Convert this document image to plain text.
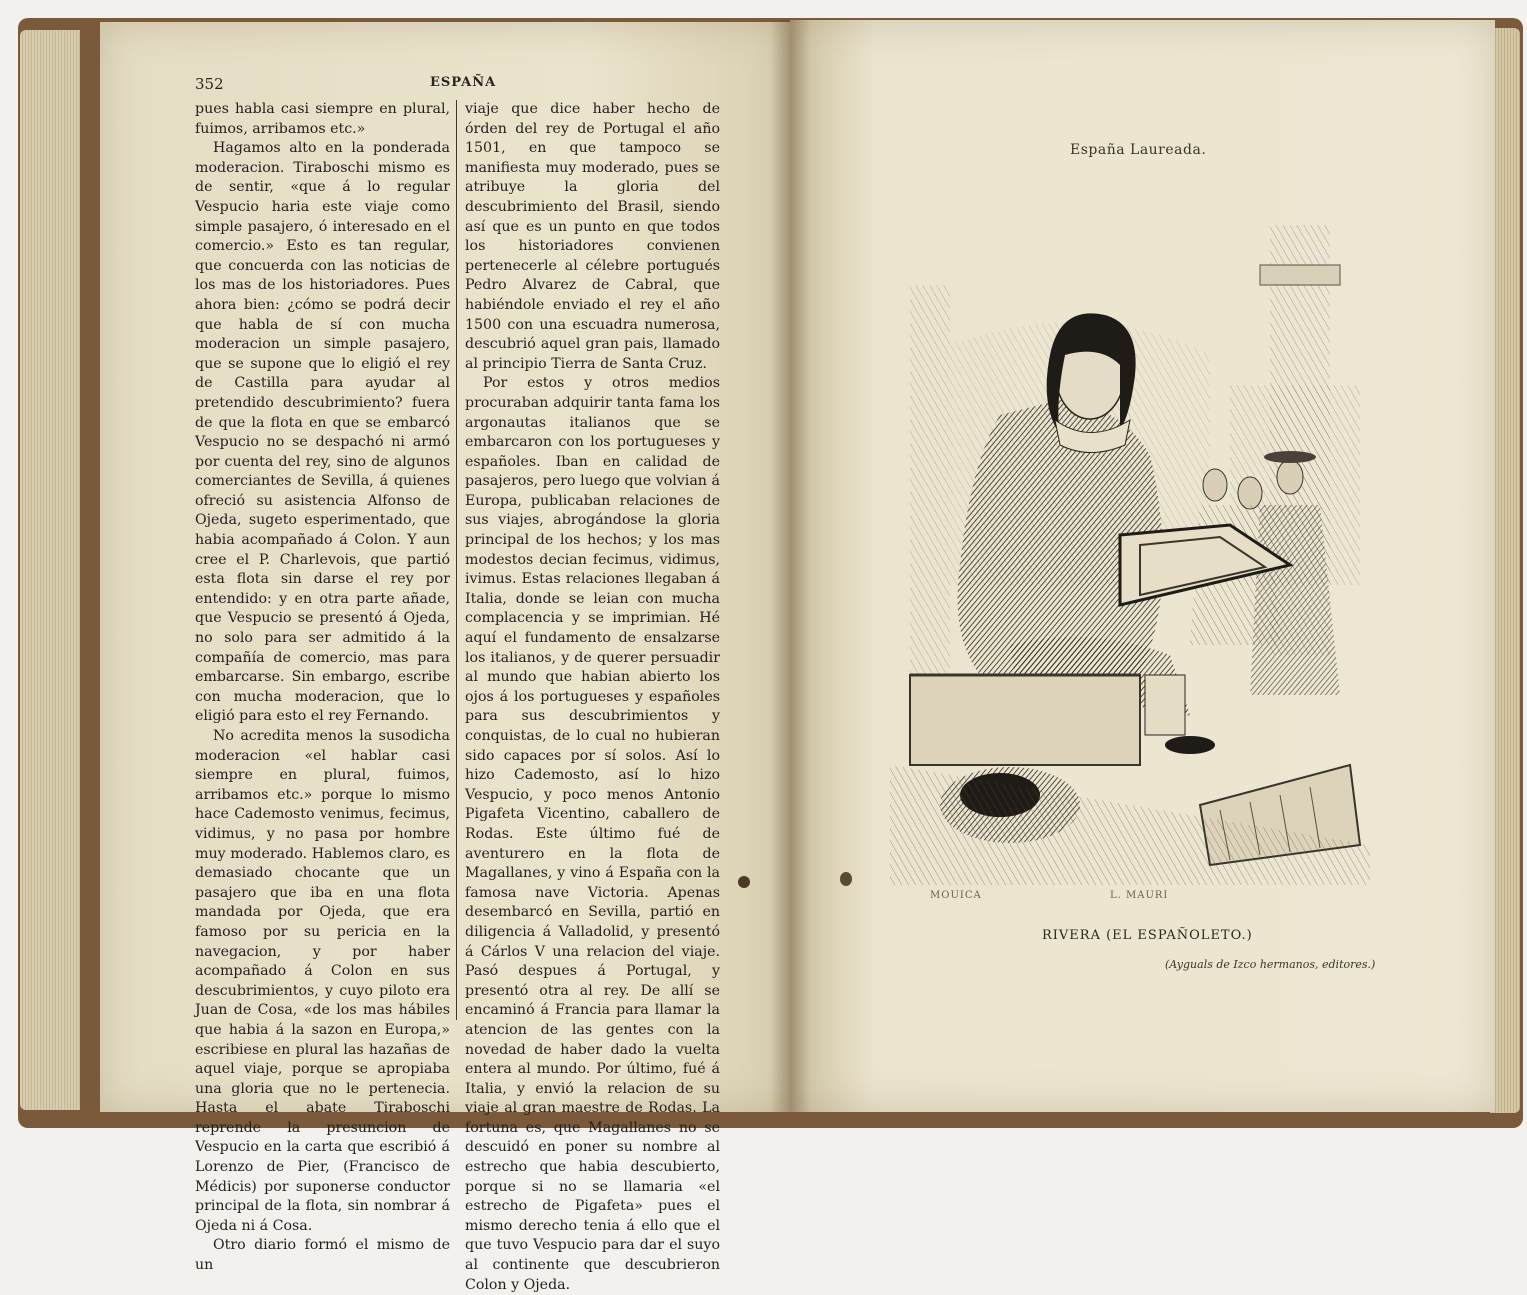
352	ESPAÑA

pues habla casi siempre en plural, fuimos, arribamos etc.»

Hagamos alto en la ponderada moderacion. Tiraboschi mismo es de sentir, «que á lo regular Vespucio haria este viaje como simple pasajero, ó interesado en el comercio.» Esto es tan regular, que concuerda con las noticias de los mas de los historiadores. Pues ahora bien: ¿cómo se podrá decir que habla de sí con mucha moderacion un simple pasajero, que se supone que lo eligió el rey de Castilla para ayudar al pretendido descubrimiento? fuera de que la flota en que se embarcó Vespucio no se despachó ni armó por cuenta del rey, sino de algunos comerciantes de Sevilla, á quienes ofreció su asistencia Alfonso de Ojeda, sugeto esperimentado, que habia acompañado á Colon. Y aun cree el P. Charlevois, que partió esta flota sin darse el rey por entendido: y en otra parte añade, que Vespucio se presentó á Ojeda, no solo para ser admitido á la compañía de comercio, mas para embarcarse. Sin embargo, escribe con mucha moderacion, que lo eligió para esto el rey Fernando.

No acredita menos la susodicha moderacion «el hablar casi siempre en plural, fuimos, arribamos etc.» porque lo mismo hace Cademosto venimus, fecimus, vidimus, y no pasa por hombre muy moderado. Hablemos claro, es demasiado chocante que un pasajero que iba en una flota mandada por Ojeda, que era famoso por su pericia en la navegacion, y por haber acompañado á Colon en sus descubrimientos, y cuyo piloto era Juan de Cosa, «de los mas hábiles que habia á la sazon en Europa,» escribiese en plural las hazañas de aquel viaje, porque se apropiaba una gloria que no le pertenecia. Hasta el abate Tiraboschi reprende la presuncion de Vespucio en la carta que escribió á Lorenzo de Pier, (Francisco de Médicis) por suponerse conductor principal de la flota, sin nombrar á Ojeda ni á Cosa.

Otro diario formó el mismo de un

viaje que dice haber hecho de órden del rey de Portugal el año 1501, en que tampoco se manifiesta muy moderado, pues se atribuye la gloria del descubrimiento del Brasil, siendo así que es un punto en que todos los historiadores convienen pertenecerle al célebre portugués Pedro Alvarez de Cabral, que habiéndole enviado el rey el año 1500 con una escuadra numerosa, descubrió aquel gran pais, llamado al principio Tierra de Santa Cruz.

Por estos y otros medios procuraban adquirir tanta fama los argonautas italianos que se embarcaron con los portugueses y españoles. Iban en calidad de pasajeros, pero luego que volvian á Europa, publicaban relaciones de sus viajes, abrogándose la gloria principal de los hechos; y los mas modestos decian fecimus, vidimus, ivimus. Estas relaciones llegaban á Italia, donde se leian con mucha complacencia y se imprimian. Hé aquí el fundamento de ensalzarse los italianos, y de querer persuadir al mundo que habian abierto los ojos á los portugueses y españoles para sus descubrimientos y conquistas, de lo cual no hubieran sido capaces por sí solos. Así lo hizo Cademosto, así lo hizo Vespucio, y poco menos Antonio Pigafeta Vicentino, caballero de Rodas. Este último fué de aventurero en la flota de Magallanes, y vino á España con la famosa nave Victoria. Apenas desembarcó en Sevilla, partió en diligencia á Valladolid, y presentó á Cárlos V una relacion del viaje. Pasó despues á Portugal, y presentó otra al rey. De allí se encaminó á Francia para llamar la atencion de las gentes con la novedad de haber dado la vuelta entera al mundo. Por último, fué á Italia, y envió la relacion de su viaje al gran maestre de Rodas. La fortuna es, que Magallanes no se descuidó en poner su nombre al estrecho que habia descubierto, porque si no se llamaria «el estrecho de Pigafeta» pues el mismo derecho tenia á ello que el que tuvo Vespucio para dar el suyo al continente que descubrieron Colon y Ojeda.

España Laureada.
MOUICA	L. MAURI
RIVERA (EL ESPAÑOLETO.)
(Ayguals de Izco hermanos, editores.)
